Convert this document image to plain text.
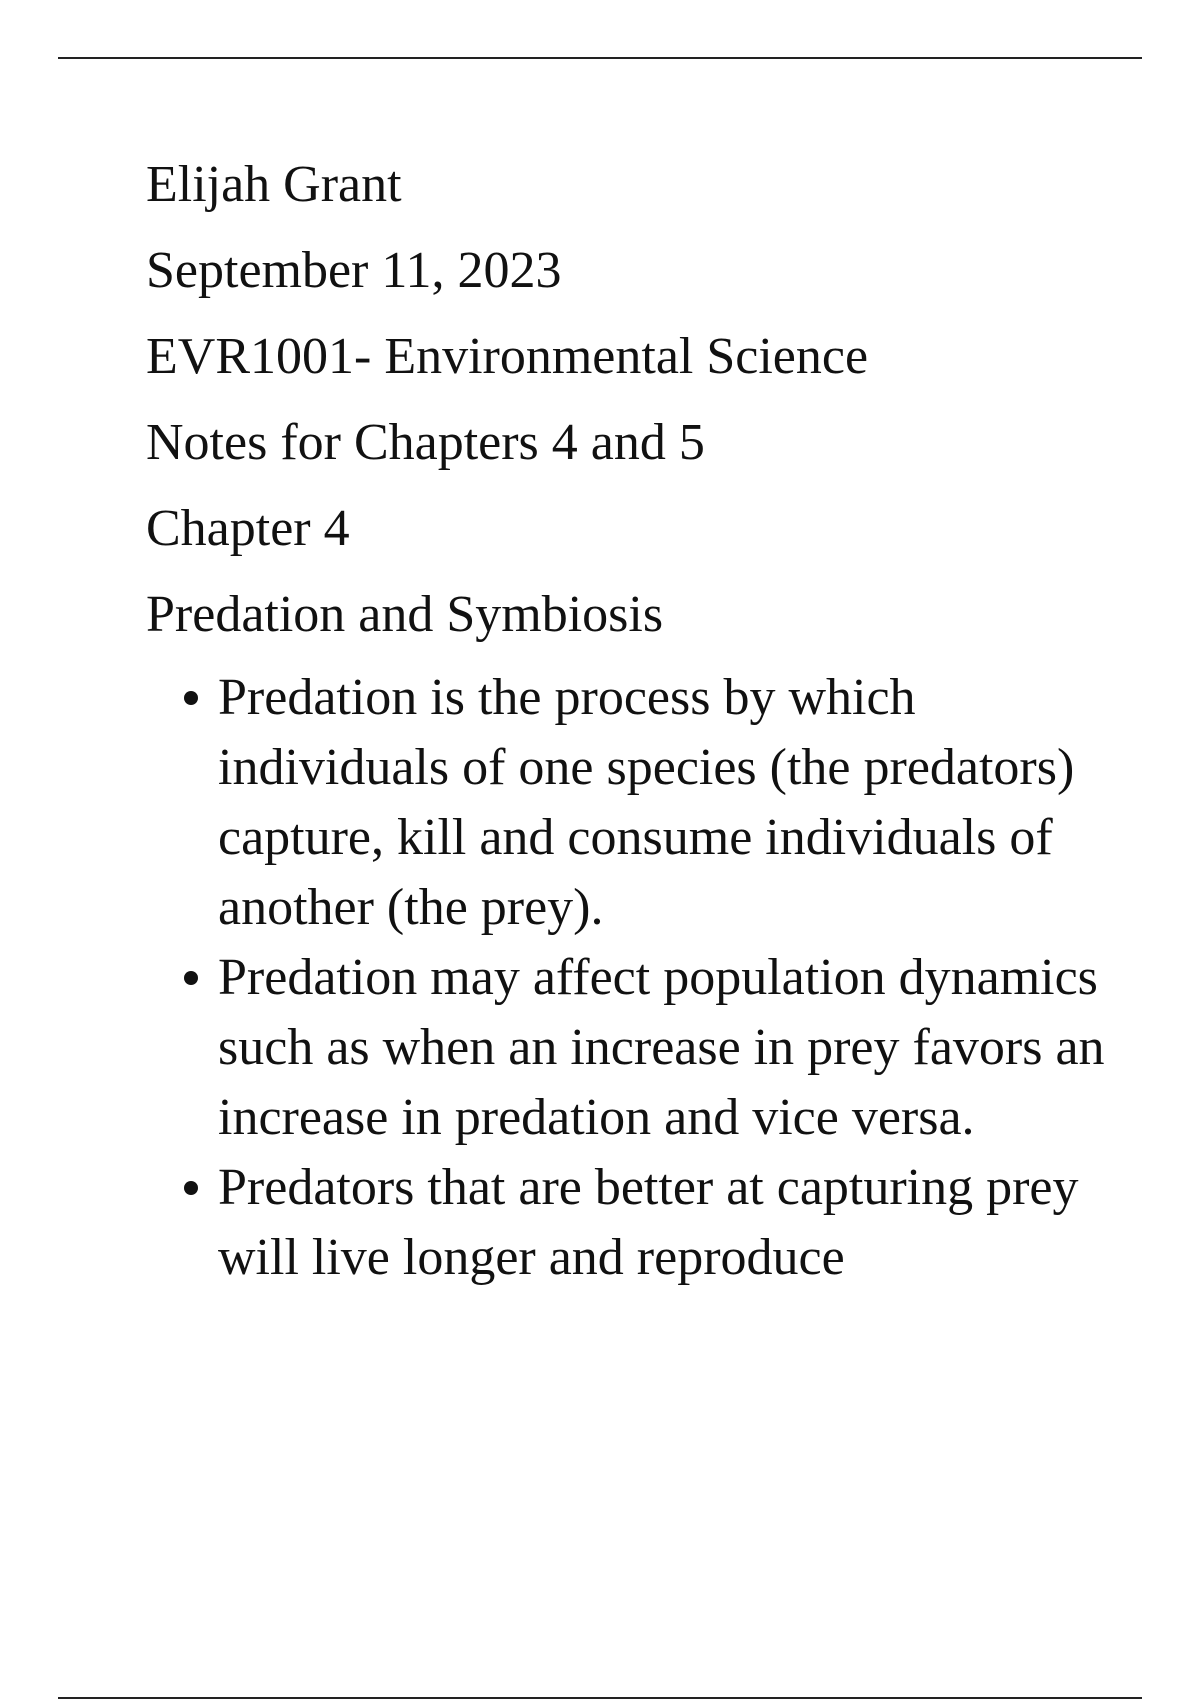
Elijah Grant
September 11, 2023
EVR1001- Environmental Science
Notes for Chapters 4 and 5
Chapter 4
Predation and Symbiosis
Predation is the process by which individuals of one species (the predators) capture, kill and consume individuals of another (the prey).
Predation may affect population dynamics such as when an increase in prey favors an increase in predation and vice versa.
Predators that are better at capturing prey will live longer and reproduce
